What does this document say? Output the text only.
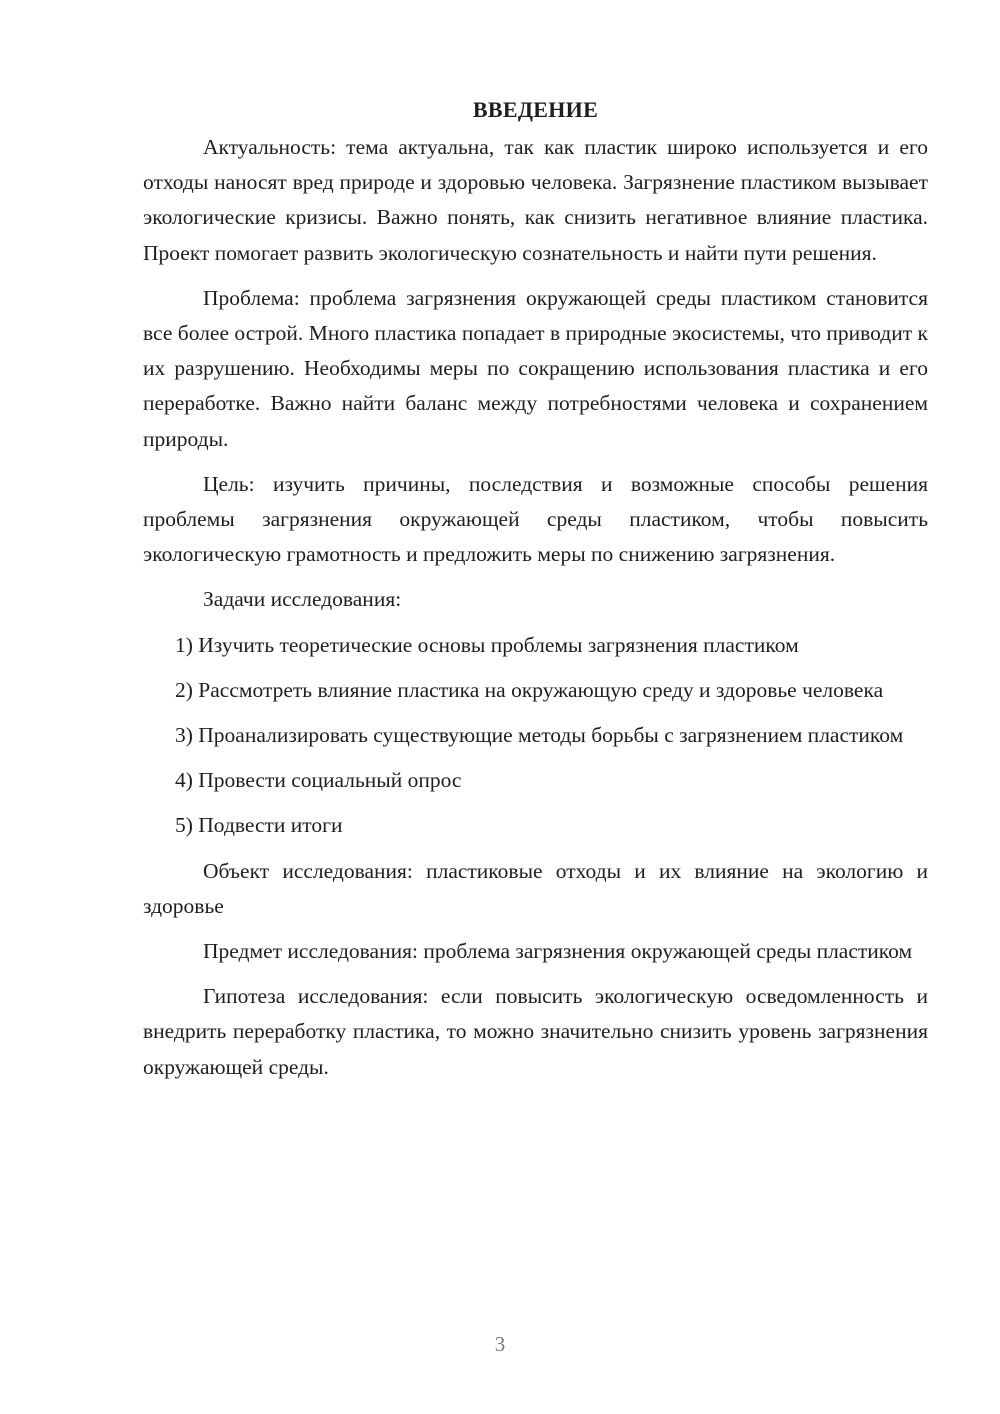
ВВЕДЕНИЕ

Актуальность: тема актуальна, так как пластик широко используется и его отходы наносят вред природе и здоровью человека. Загрязнение пластиком вызывает экологические кризисы. Важно понять, как снизить негативное влияние пластика. Проект помогает развить экологическую сознательность и найти пути решения.

Проблема: проблема загрязнения окружающей среды пластиком становится все более острой. Много пластика попадает в природные экосистемы, что приводит к их разрушению. Необходимы меры по сокращению использования пластика и его переработке. Важно найти баланс между потребностями человека и сохранением природы.

Цель: изучить причины, последствия и возможные способы решения проблемы загрязнения окружающей среды пластиком, чтобы повысить экологическую грамотность и предложить меры по снижению загрязнения.

Задачи исследования:

1) Изучить теоретические основы проблемы загрязнения пластиком

2) Рассмотреть влияние пластика на окружающую среду и здоровье человека

3) Проанализировать существующие методы борьбы с загрязнением пластиком

4) Провести социальный опрос

5) Подвести итоги

Объект исследования: пластиковые отходы и их влияние на экологию и здоровье

Предмет исследования: проблема загрязнения окружающей среды пластиком

Гипотеза исследования: если повысить экологическую осведомленность и внедрить переработку пластика, то можно значительно снизить уровень загрязнения окружающей среды.

3
